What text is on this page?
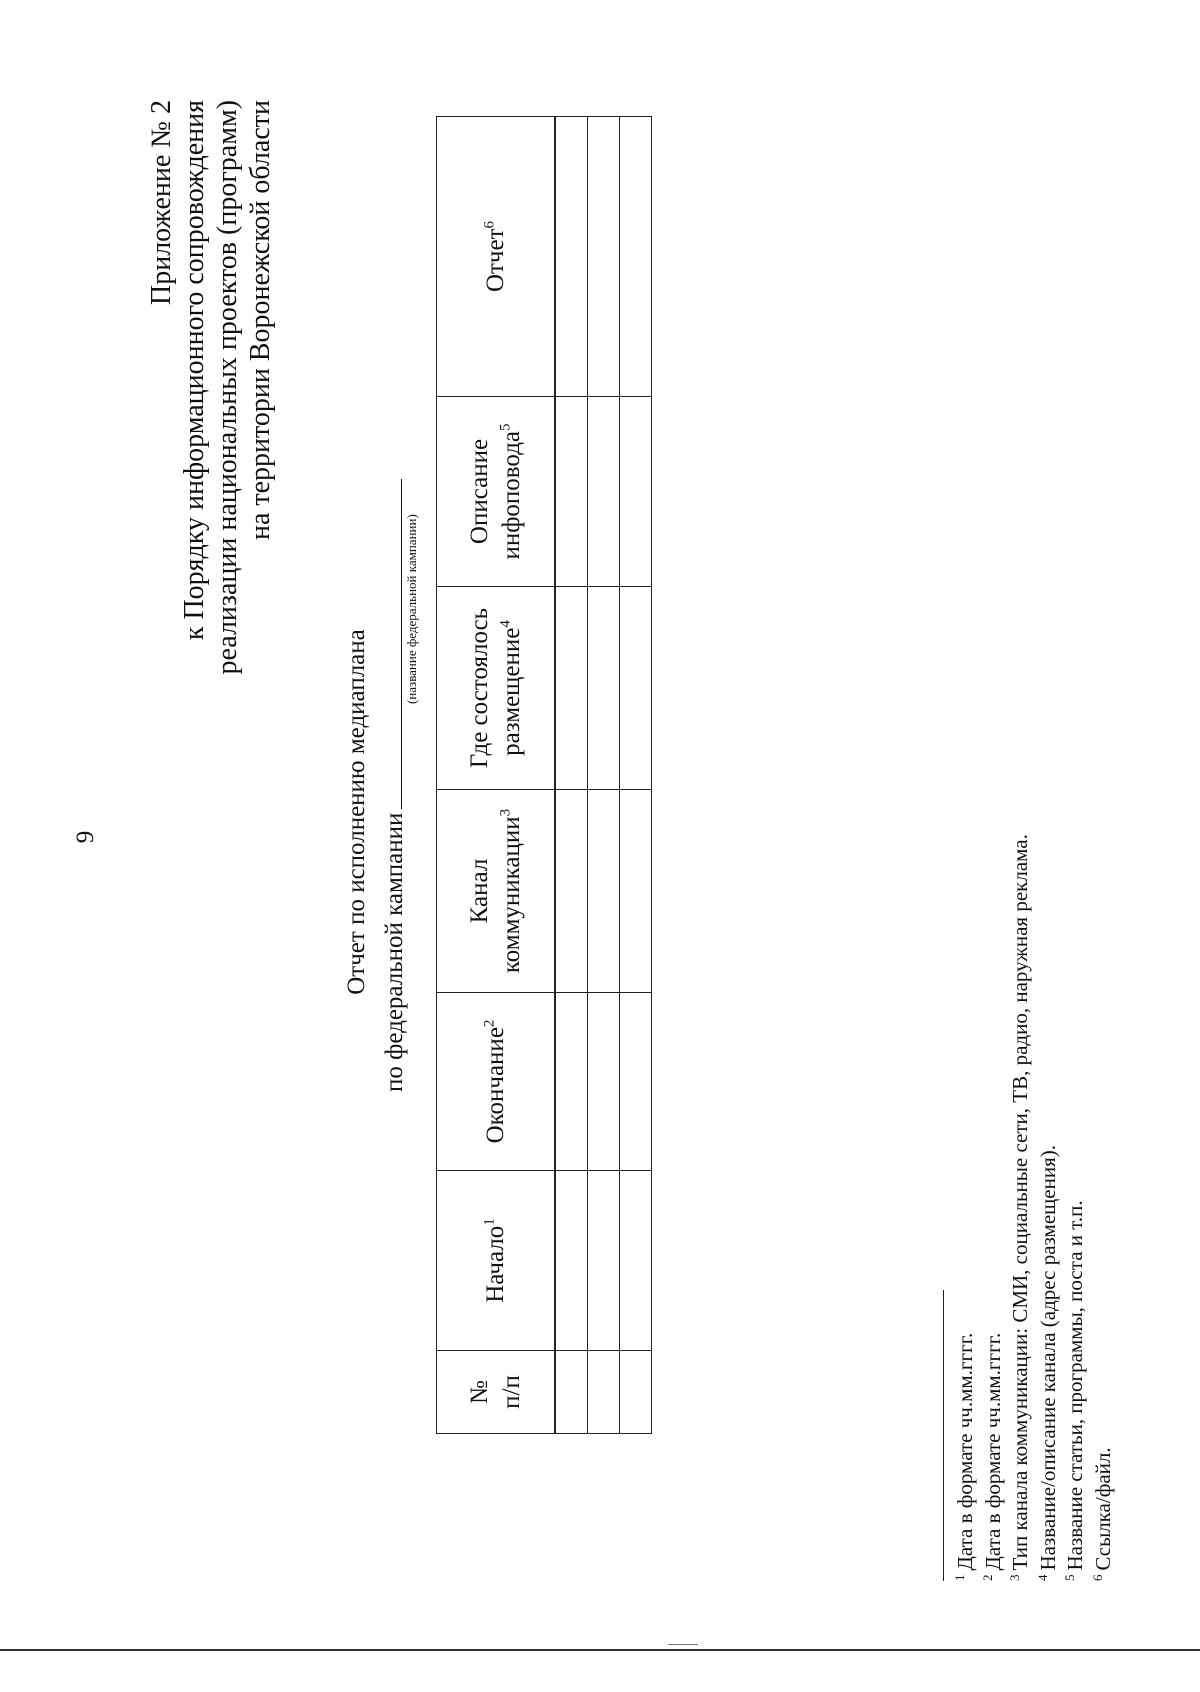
9
Приложение № 2 к Порядку информационного сопровождения реализации национальных проектов (программ) на территории Воронежской области
Отчет по исполнению медиаплана по федеральной кампании
(название федеральной кампании)
№ п/п	Начало$^1$	Окончание$^2$	Канал коммуникации$^3$	Где состоялось размещение$^4$	Описание инфоповода$^5$	Отчет$^6$

$^1$Дата в формате чч.мм.гггг.
$^2$Дата в формате чч.мм.гггг.
$^3$Тип канала коммуникации: СМИ, социальные сети, ТВ, радио, наружная реклама.
$^4$Название/описание канала (адрес размещения).
$^5$Название статьи, программы, поста и т.п.
$^6$Ссылка/файл.
